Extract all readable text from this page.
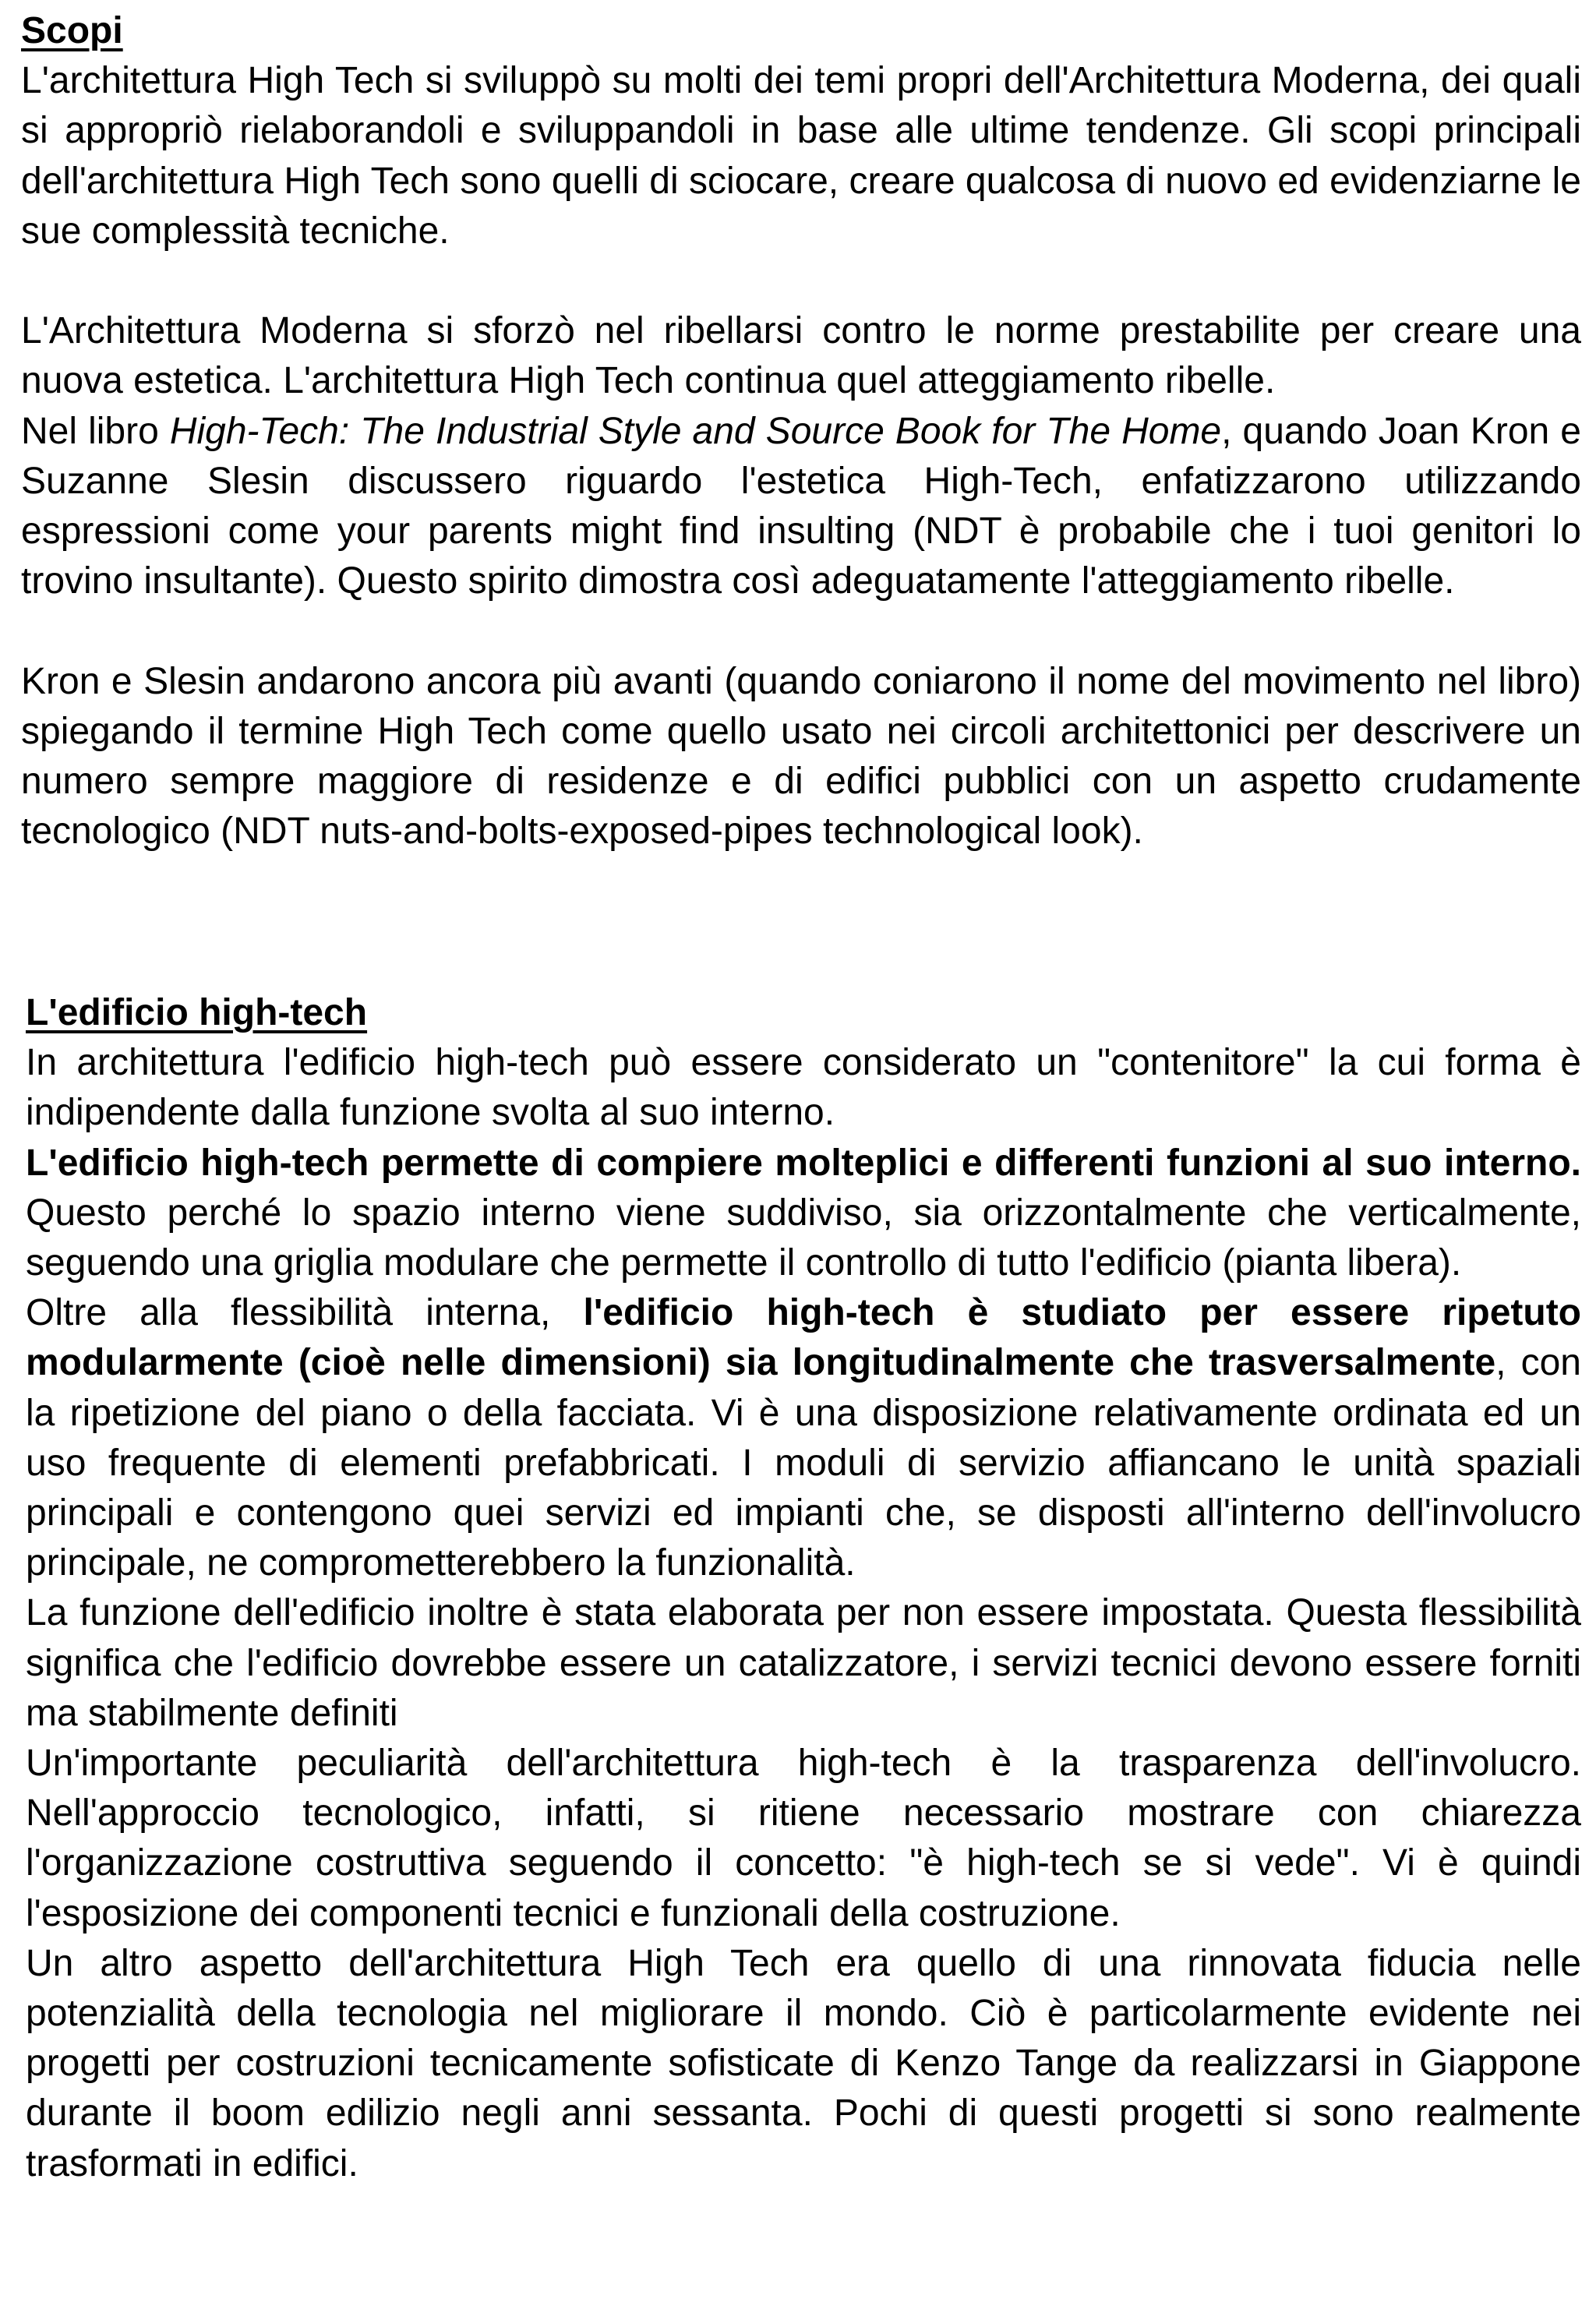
Scopi

L'architettura High Tech si sviluppò su molti dei temi propri dell'Architettura Moderna, dei quali si appropriò rielaborandoli e sviluppandoli in base alle ultime tendenze. Gli scopi principali dell'architettura High Tech sono quelli di sciocare, creare qualcosa di nuovo ed evidenziarne le sue complessità tecniche.

L'Architettura Moderna si sforzò nel ribellarsi contro le norme prestabilite per creare una nuova estetica. L'architettura High Tech continua quel atteggiamento ribelle.

Nel libro High-Tech: The Industrial Style and Source Book for The Home, quando Joan Kron e Suzanne Slesin discussero riguardo l'estetica High-Tech, enfatizzarono utilizzando espressioni come your parents might find insulting (NDT è probabile che i tuoi genitori lo trovino insultante). Questo spirito dimostra così adeguatamente l'atteggiamento ribelle.

Kron e Slesin andarono ancora più avanti (quando coniarono il nome del movimento nel libro) spiegando il termine High Tech come quello usato nei circoli architettonici per descrivere un numero sempre maggiore di residenze e di edifici pubblici con un aspetto crudamente tecnologico (NDT nuts-and-bolts-exposed-pipes technological look).

L'edificio high-tech

In architettura l'edificio high-tech può essere considerato un "contenitore" la cui forma è indipendente dalla funzione svolta al suo interno.

L'edificio high-tech permette di compiere molteplici e differenti funzioni al suo interno. Questo perché lo spazio interno viene suddiviso, sia orizzontalmente che verticalmente, seguendo una griglia modulare che permette il controllo di tutto l'edificio (pianta libera).

Oltre alla flessibilità interna, l'edificio high-tech è studiato per essere ripetuto modularmente (cioè nelle dimensioni) sia longitudinalmente che trasversalmente, con la ripetizione del piano o della facciata. Vi è una disposizione relativamente ordinata ed un uso frequente di elementi prefabbricati. I moduli di servizio affiancano le unità spaziali principali e contengono quei servizi ed impianti che, se disposti all'interno dell'involucro principale, ne comprometterebbero la funzionalità.

La funzione dell'edificio inoltre è stata elaborata per non essere impostata. Questa flessibilità significa che l'edificio dovrebbe essere un catalizzatore, i servizi tecnici devono essere forniti ma stabilmente definiti

Un'importante peculiarità dell'architettura high-tech è la trasparenza dell'involucro. Nell'approccio tecnologico, infatti, si ritiene necessario mostrare con chiarezza l'organizzazione costruttiva seguendo il concetto: "è high-tech se si vede". Vi è quindi l'esposizione dei componenti tecnici e funzionali della costruzione.

Un altro aspetto dell'architettura High Tech era quello di una rinnovata fiducia nelle potenzialità della tecnologia nel migliorare il mondo. Ciò è particolarmente evidente nei progetti per costruzioni tecnicamente sofisticate di Kenzo Tange da realizzarsi in Giappone durante il boom edilizio negli anni sessanta. Pochi di questi progetti si sono realmente trasformati in edifici.
